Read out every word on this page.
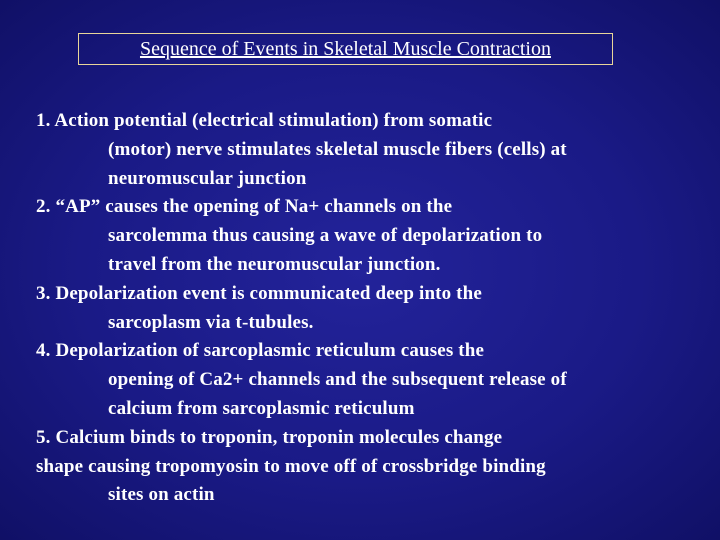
Sequence of Events in Skeletal Muscle Contraction
1. Action potential (electrical stimulation) from somatic
(motor) nerve stimulates skeletal muscle fibers (cells) at
neuromuscular junction
2. “AP” causes the opening of Na+ channels on the
sarcolemma thus causing a wave of depolarization to
travel from the neuromuscular junction.
3. Depolarization event is communicated deep into the
sarcoplasm via t-tubules.
4. Depolarization of sarcoplasmic reticulum causes the
opening of Ca2+ channels and the subsequent release of
calcium from sarcoplasmic reticulum
5. Calcium binds to troponin, troponin molecules change
shape causing tropomyosin to move off of crossbridge binding
sites on actin
